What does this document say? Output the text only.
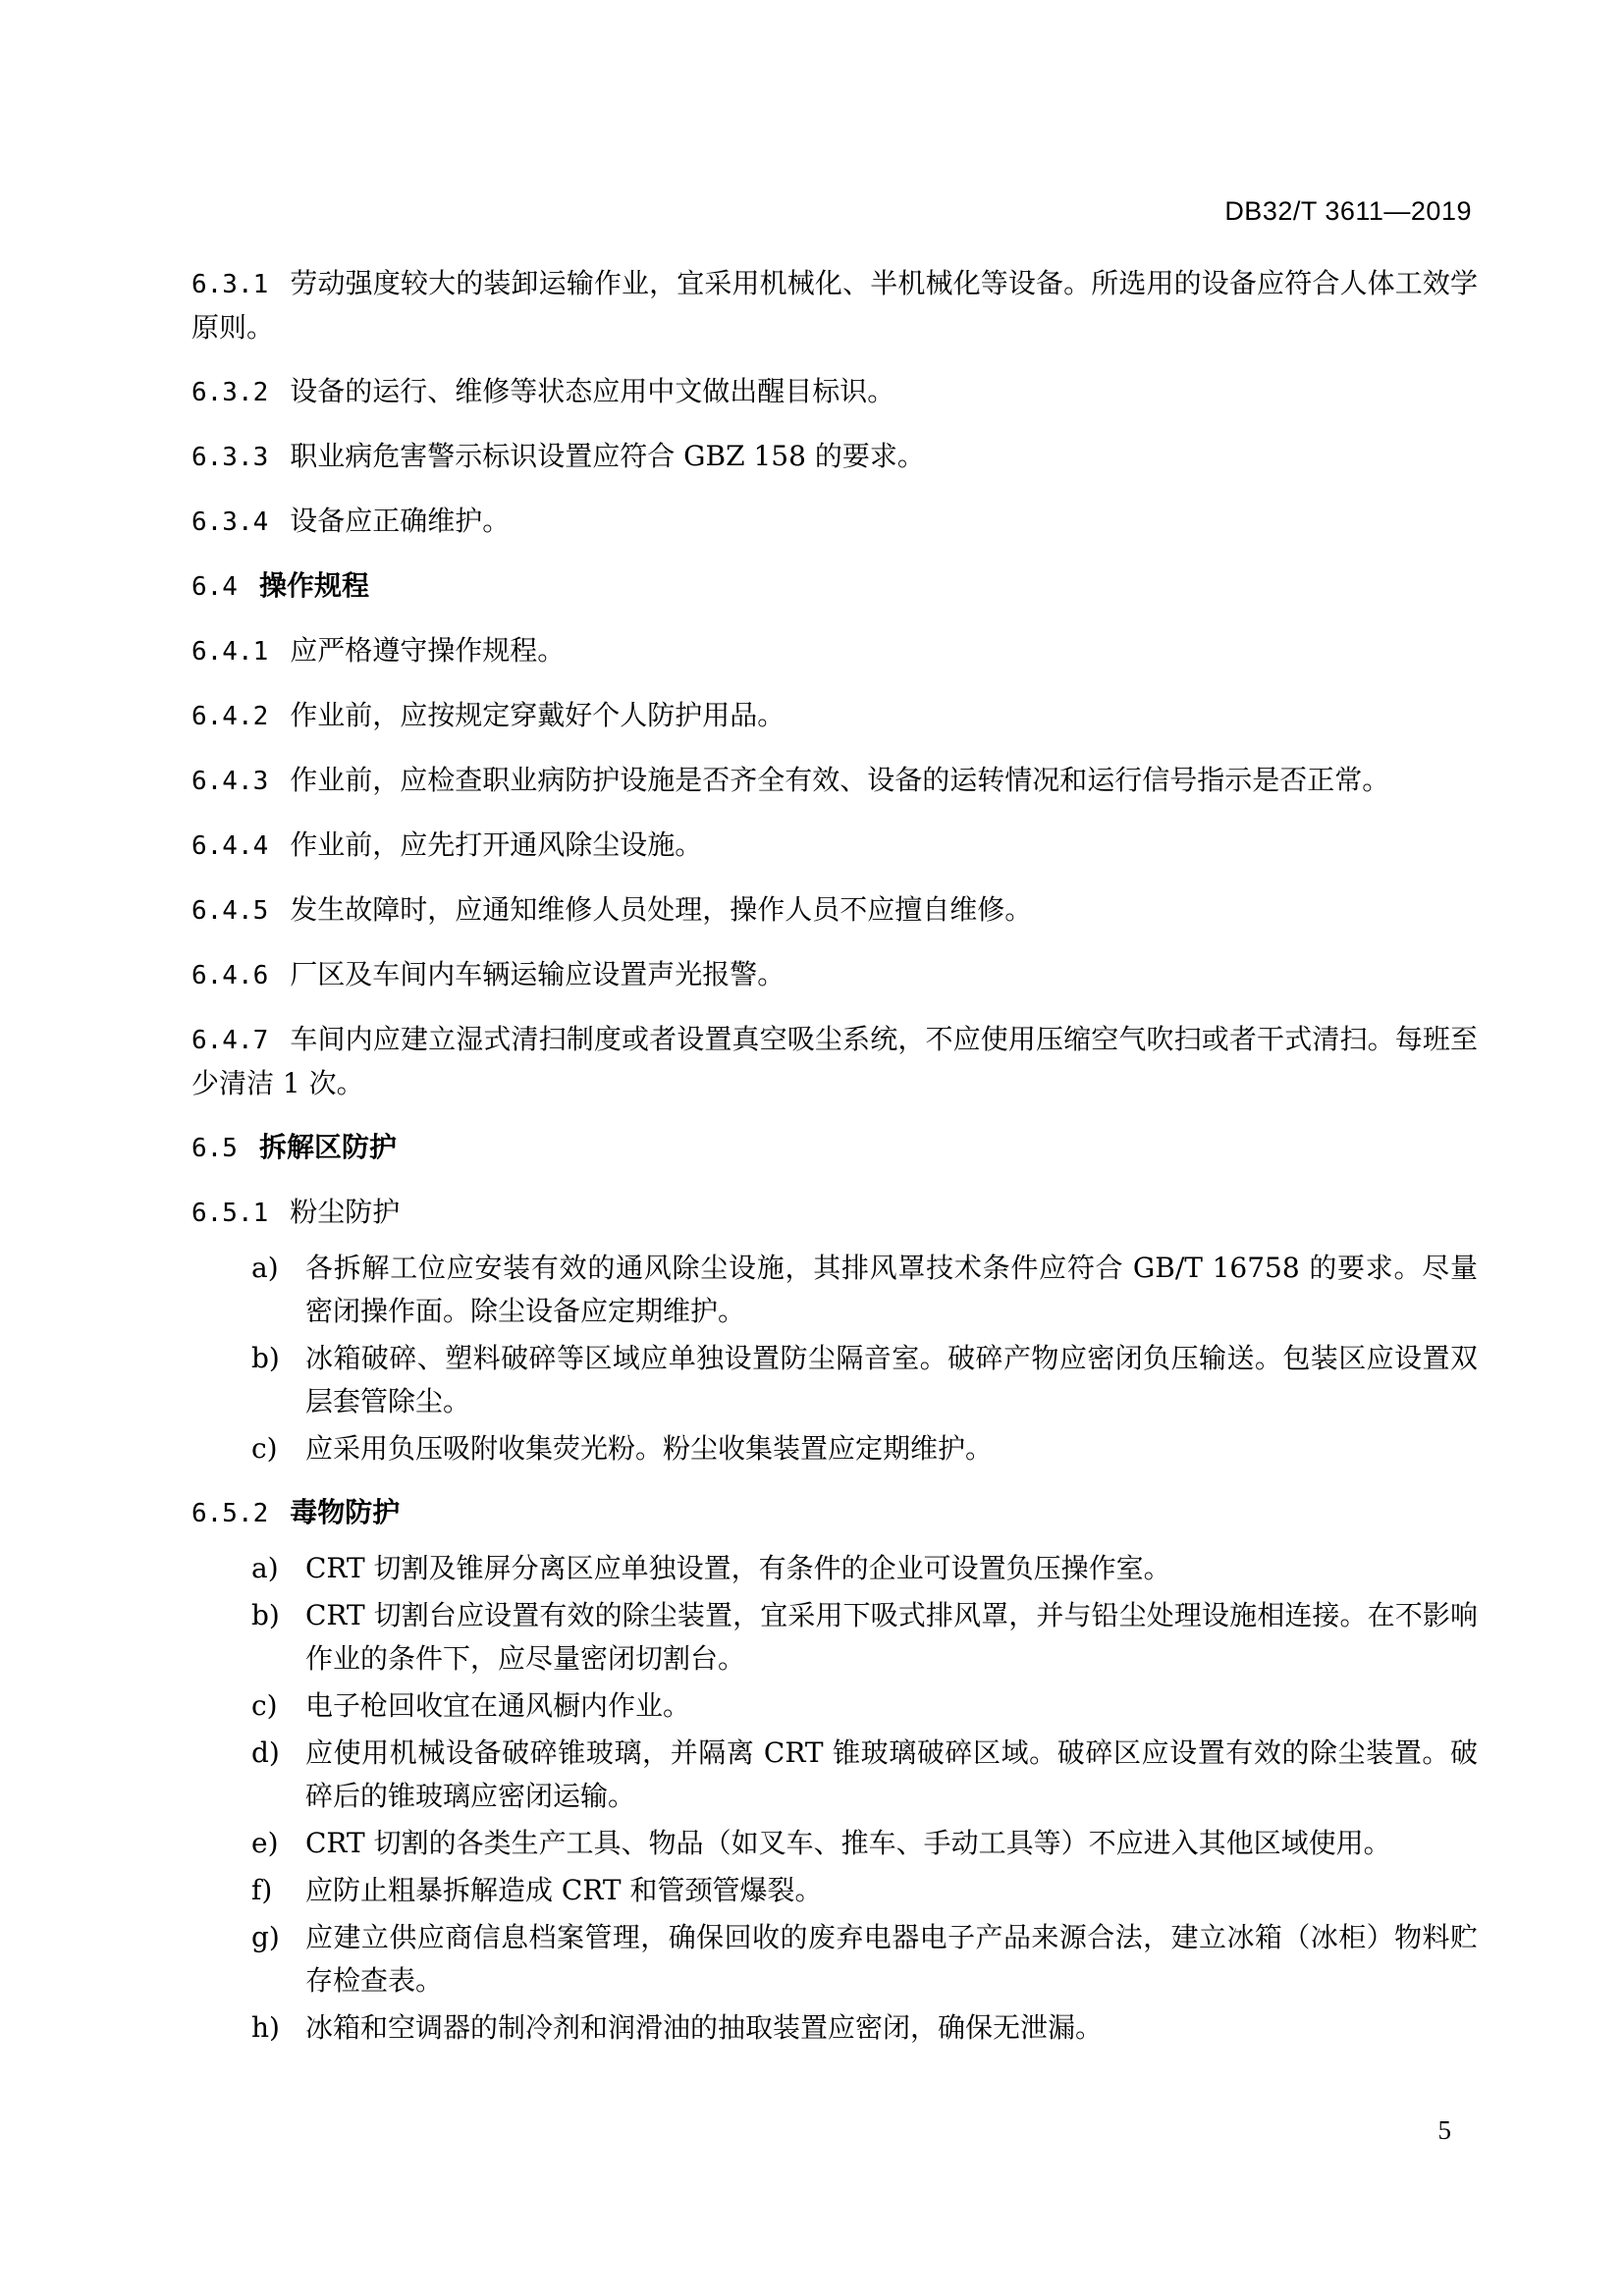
DB32/T 3611—2019
6.3.1 劳动强度较大的装卸运输作业，宜采用机械化、半机械化等设备。所选用的设备应符合人体工效学原则。
6.3.2 设备的运行、维修等状态应用中文做出醒目标识。
6.3.3 职业病危害警示标识设置应符合 GBZ 158 的要求。
6.3.4 设备应正确维护。
6.4 操作规程
6.4.1 应严格遵守操作规程。
6.4.2 作业前，应按规定穿戴好个人防护用品。
6.4.3 作业前，应检查职业病防护设施是否齐全有效、设备的运转情况和运行信号指示是否正常。
6.4.4 作业前，应先打开通风除尘设施。
6.4.5 发生故障时，应通知维修人员处理，操作人员不应擅自维修。
6.4.6 厂区及车间内车辆运输应设置声光报警。
6.4.7 车间内应建立湿式清扫制度或者设置真空吸尘系统，不应使用压缩空气吹扫或者干式清扫。每班至少清洁 1 次。
6.5 拆解区防护
6.5.1 粉尘防护
a) 各拆解工位应安装有效的通风除尘设施，其排风罩技术条件应符合 GB/T 16758 的要求。尽量密闭操作面。除尘设备应定期维护。
b) 冰箱破碎、塑料破碎等区域应单独设置防尘隔音室。破碎产物应密闭负压输送。包装区应设置双层套管除尘。
c)	应采用负压吸附收集荧光粉。粉尘收集装置应定期维护。
6.5.2 毒物防护
a) CRT 切割及锥屏分离区应单独设置，有条件的企业可设置负压操作室。
b) CRT 切割台应设置有效的除尘装置，宜采用下吸式排风罩，并与铅尘处理设施相连接。在不影响作业的条件下，应尽量密闭切割台。
c)	电子枪回收宜在通风橱内作业。
d) 应使用机械设备破碎锥玻璃，并隔离 CRT 锥玻璃破碎区域。破碎区应设置有效的除尘装置。破碎后的锥玻璃应密闭运输。
e) CRT 切割的各类生产工具、物品（如叉车、推车、手动工具等）不应进入其他区域使用。
f)	应防止粗暴拆解造成 CRT 和管颈管爆裂。
g) 应建立供应商信息档案管理，确保回收的废弃电器电子产品来源合法，建立冰箱（冰柜）物料贮存检查表。
h) 冰箱和空调器的制冷剂和润滑油的抽取装置应密闭，确保无泄漏。
5
